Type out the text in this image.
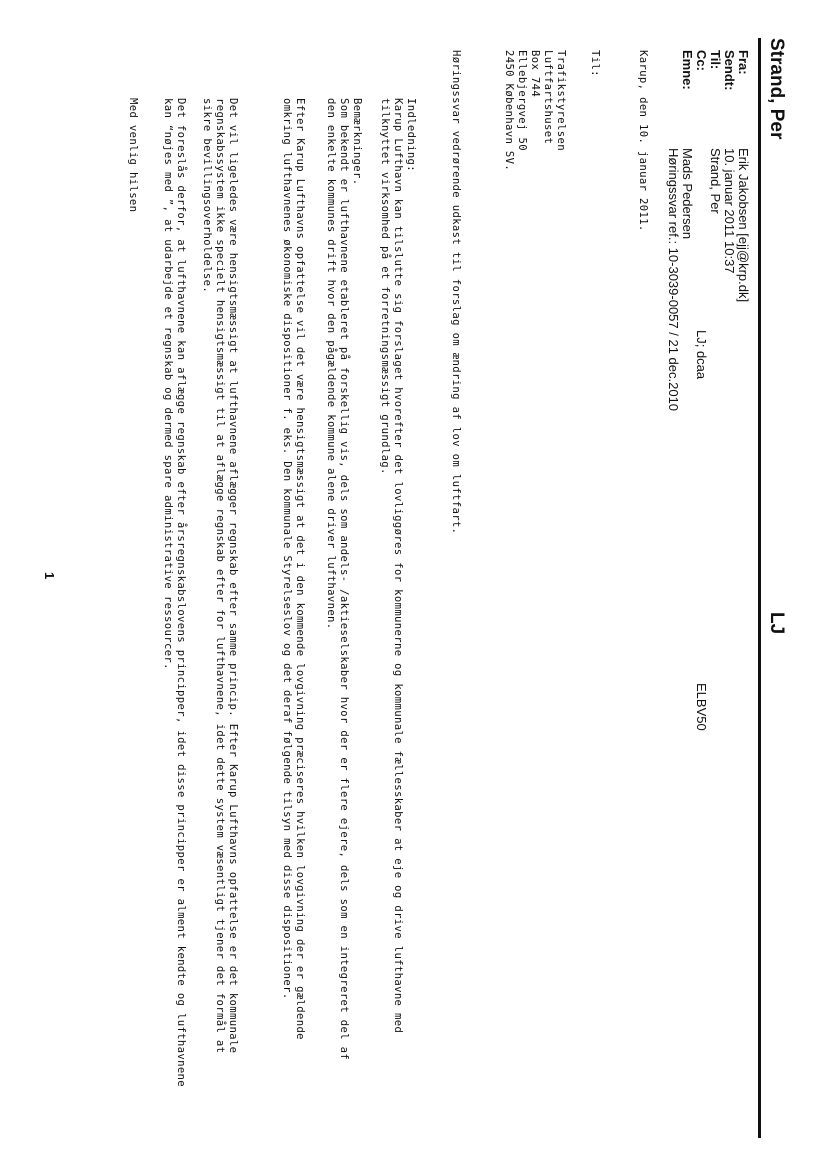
Strand, Per
LJ
Fra:
Erik Jakobsen [ejj@krp.dk]
Sendt:
10. januar 2011 10:37
Til:
Strand, Per
LJ; dcaa
ELBV50
Cc:
Mads Pedersen
Emne:
Høringssvar ref.: 10-3039-0057 / 21 dec.2010
Karup, den 10. januar 2011.
Til:
Trafikstyrelsen
Luftfartshuset
Box 744
Ellebjergvej 50
2450 København SV.
Høringssvar vedrørende udkast til forslag om ændring af lov om luftfart.
Indledning:
Karup Lufthavn kan tilslutte sig forslaget hvorefter det lovliggøres for kommunerne og kommunale fællesskaber at eje og drive lufthavne med tilknyttet virksomhed på et forretningsmæssigt grundlag.
Bemærkninger.
Som bekendt er lufthavnene etableret på forskellig vis, dels som andels- /aktieselskaber hvor der er flere ejere, dels som en integreret del af den enkelte kommunes drift hvor den pågældende kommune alene driver lufthavnen.
Efter Karup Lufthavns opfattelse vil det være hensigtsmæssigt at det i den kommende lovgivning præciseres hvilken lovgivning der er gældende omkring lufthavnenes økonomiske dispositioner f. eks. Den kommunale Styrelseslov og det deraf følgende tilsyn med disse dispositioner.
Det vil ligeledes være hensigtsmæssigt at lufthavnene aflægger regnskab efter samme princip. Efter Karup Lufthavns opfattelse er det kommunale regnskabssystem ikke specielt hensigtsmæssigt til at aflægge regnskab efter for lufthavnene, idet dette system væsentligt tjener det formål at sikre bevillingsoverholdelse.
Det foreslås derfor, at lufthavnene kan aflægge regnskab efter årsregnskabslovens principper, idet disse principper er alment kendte og lufthavnene kan “nøjes med ”, at udarbejde et regnskab og dermed spare administrative ressourcer.
Med venlig hilsen
1
